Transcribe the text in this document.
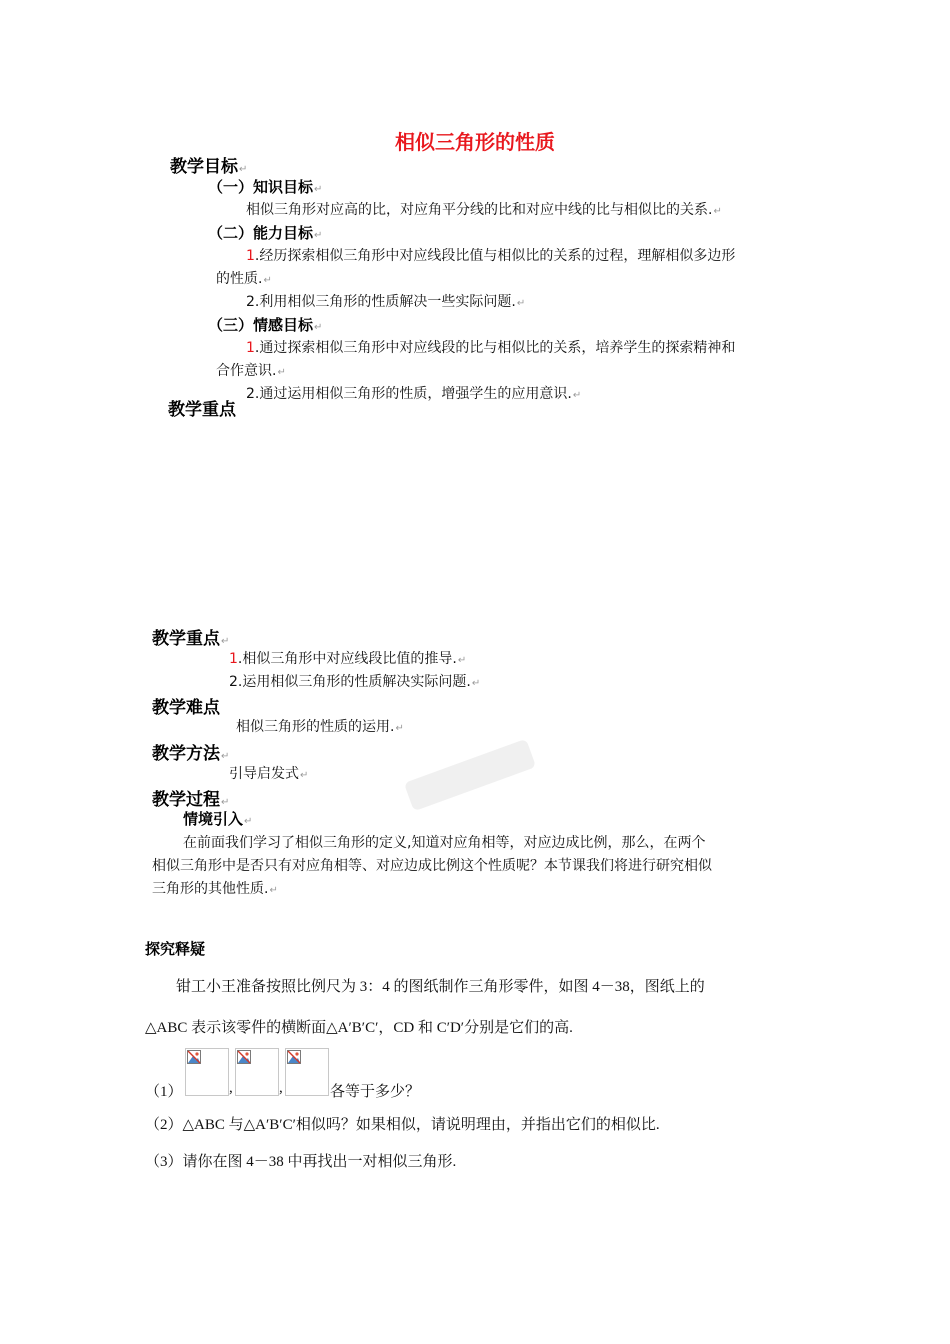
相似三角形的性质
教学目标↵
（一）知识目标↵
相似三角形对应高的比，对应角平分线的比和对应中线的比与相似比的关系.↵
（二）能力目标↵
1.经历探索相似三角形中对应线段比值与相似比的关系的过程，理解相似多边形
的性质.↵
2.利用相似三角形的性质解决一些实际问题.↵
（三）情感目标↵
1.通过探索相似三角形中对应线段的比与相似比的关系，培养学生的探索精神和
合作意识.↵
2.通过运用相似三角形的性质，增强学生的应用意识.↵
教学重点
教学重点↵
1.相似三角形中对应线段比值的推导.↵
2.运用相似三角形的性质解决实际问题.↵
教学难点
相似三角形的性质的运用.↵
教学方法↵
引导启发式↵
教学过程↵
情境引入↵
在前面我们学习了相似三角形的定义,知道对应角相等，对应边成比例，那么，在两个
相似三角形中是否只有对应角相等、对应边成比例这个性质呢？本节课我们将进行研究相似
三角形的其他性质.↵
探究释疑
钳工小王准备按照比例尺为 3：4 的图纸制作三角形零件，如图 4－38，图纸上的
△ABC 表示该零件的横断面△A′B′C′，CD 和 C′D′分别是它们的高.
（1）	,	,	各等于多少？
（2）△ABC 与△A′B′C′相似吗？如果相似，请说明理由，并指出它们的相似比.
（3）请你在图 4－38 中再找出一对相似三角形.
